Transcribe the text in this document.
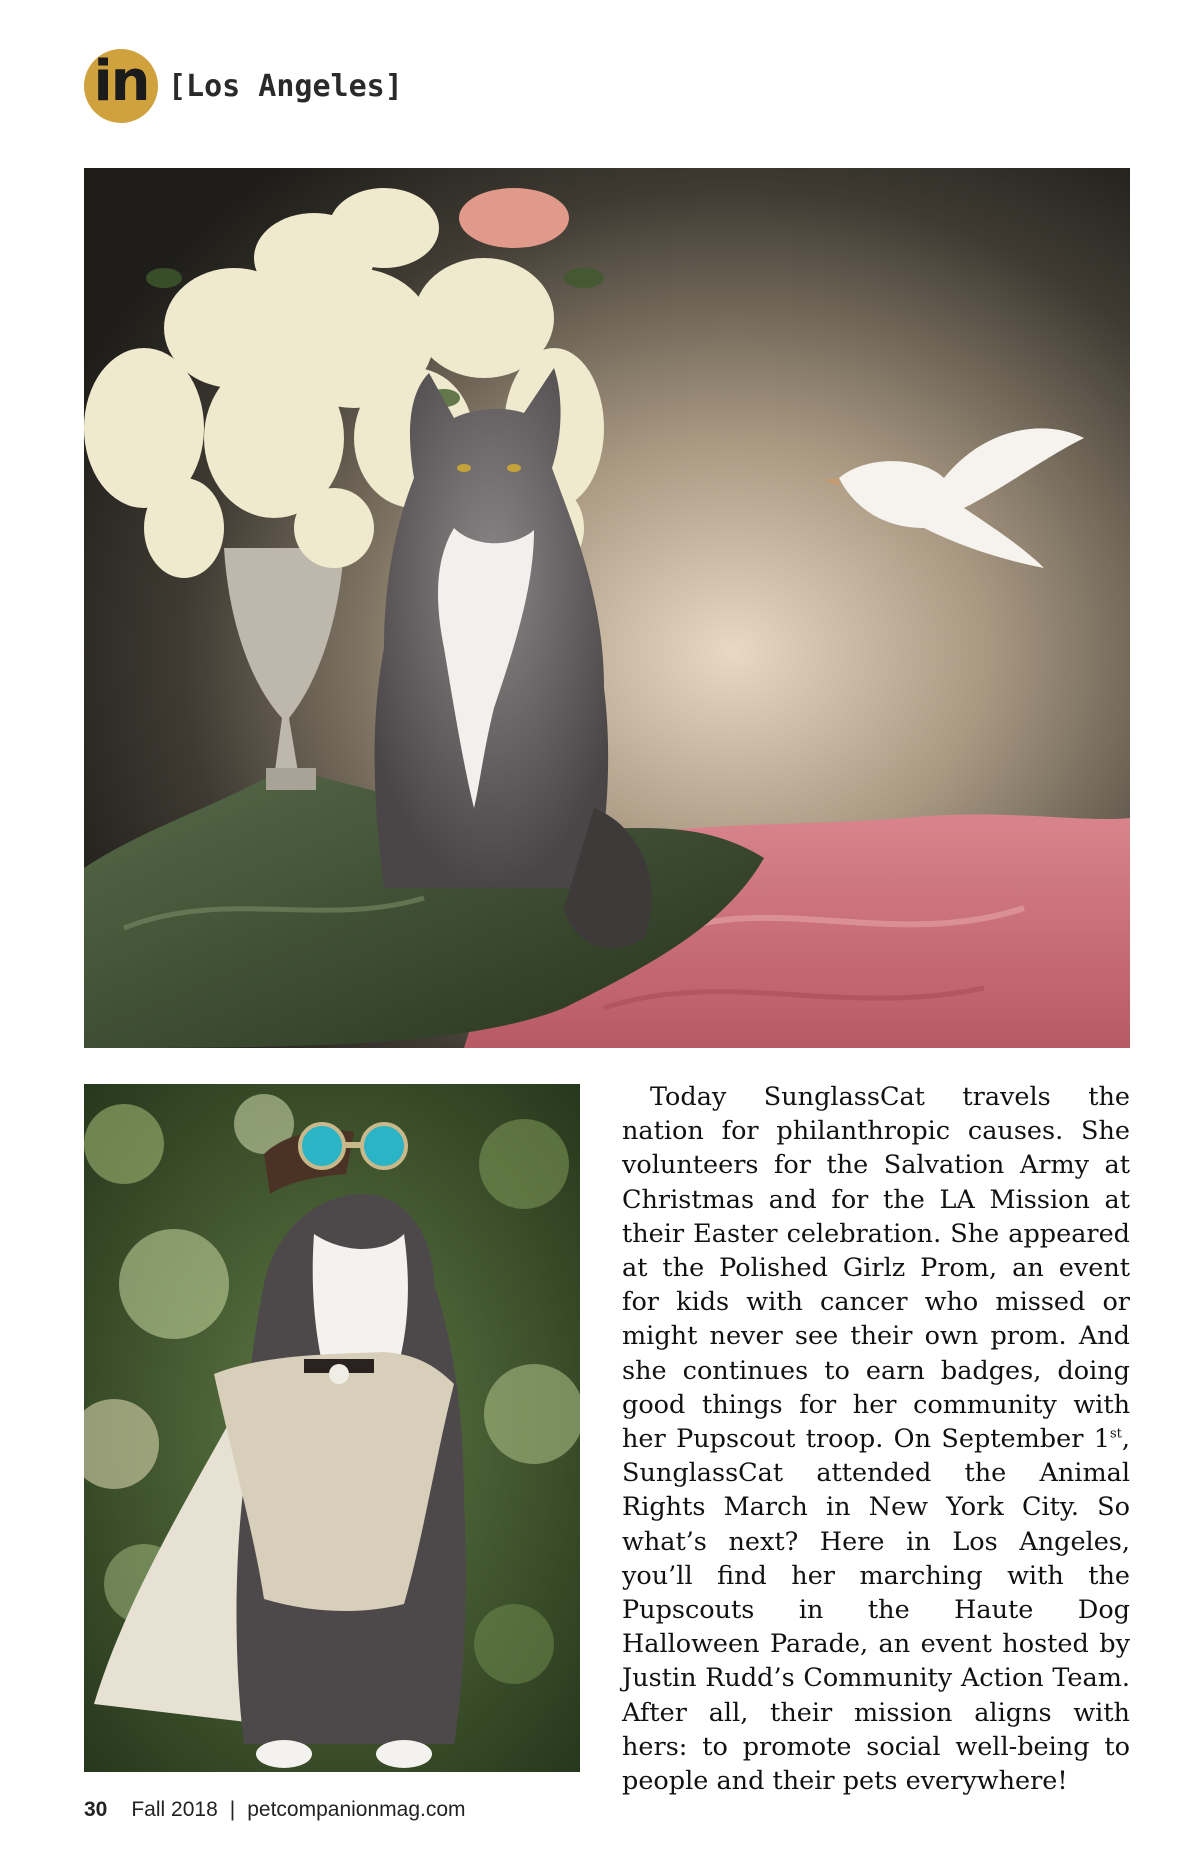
in [Los Angeles]

Today SunglassCat travels the nation for philanthropic causes. She volunteers for the Salvation Army at Christmas and for the LA Mission at their Easter celebration. She appeared at the Polished Girlz Prom, an event for kids with cancer who missed or might never see their own prom. And she continues to earn badges, doing good things for her community with her Pupscout troop. On September 1st, SunglassCat attended the Animal Rights March in New York City. So what’s next? Here in Los Angeles, you’ll find her marching with the Pupscouts in the Haute Dog Halloween Parade, an event hosted by Justin Rudd’s Community Action Team. After all, their mission aligns with hers: to promote social well-being to people and their pets everywhere!

30 Fall 2018 | petcompanionmag.com
